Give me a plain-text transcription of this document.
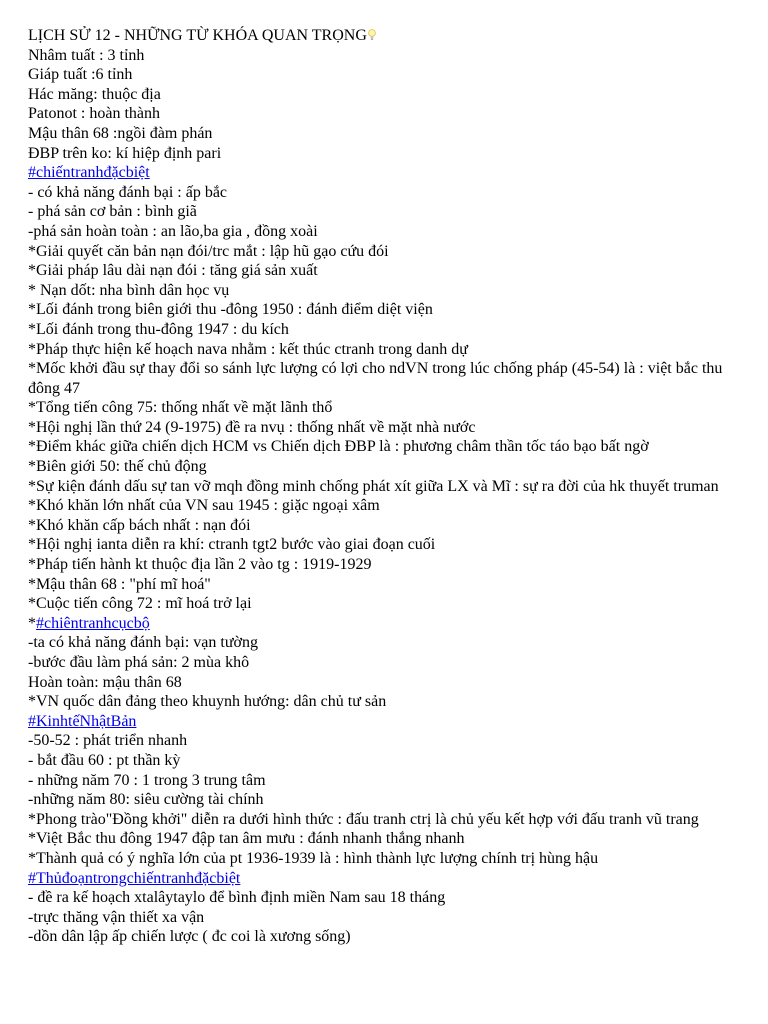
LỊCH SỬ 12 - NHỮNG TỪ KHÓA QUAN TRỌNG
Nhâm tuất : 3 tỉnh
Giáp tuất :6 tỉnh
Hác măng: thuộc địa
Patonot : hoàn thành
Mậu thân 68 :ngồi đàm phán
ĐBP trên ko: kí hiệp định pari
#chiếntranhđặcbiệt
- có khả năng đánh bại : ấp bắc
- phá sản cơ bản : bình giã
-phá sản hoàn toàn : an lão,ba gia , đồng xoài
*Giải quyết căn bản nạn đói/trc mắt : lập hũ gạo cứu đói
*Giải pháp lâu dài nạn đói : tăng giá sản xuất
* Nạn dốt: nha bình dân học vụ
*Lối đánh trong biên giới thu -đông 1950 : đánh điểm diệt viện
*Lối đánh trong thu-đông 1947 : du kích
*Pháp thực hiện kế hoạch nava nhằm : kết thúc ctranh trong danh dự
*Mốc khởi đầu sự thay đổi so sánh lực lượng có lợi cho ndVN trong lúc chống pháp (45-54) là : việt bắc thu đông 47
*Tổng tiến công 75: thống nhất về mặt lãnh thổ
*Hội nghị lần thứ 24 (9-1975) đề ra nvụ : thống nhất về mặt nhà nước
*Điểm khác giữa chiến dịch HCM vs Chiến dịch ĐBP là : phương châm thần tốc táo bạo bất ngờ
*Biên giới 50: thế chủ động
*Sự kiện đánh dấu sự tan vỡ mqh đồng minh chống phát xít giữa LX và Mĩ : sự ra đời của hk thuyết truman
*Khó khăn lớn nhất của VN sau 1945 : giặc ngoại xâm
*Khó khăn cấp bách nhất : nạn đói
*Hội nghị ianta diễn ra khí: ctranh tgt2 bước vào giai đoạn cuối
*Pháp tiến hành kt thuộc địa lần 2 vào tg : 1919-1929
*Mậu thân 68 : "phí mĩ hoá"
*Cuộc tiến công 72 : mĩ hoá trở lại
*#chiêntranhcụcbộ
-ta có khả năng đánh bại: vạn tường
-bước đầu làm phá sản: 2 mùa khô
Hoàn toàn: mậu thân 68
*VN quốc dân đảng theo khuynh hướng: dân chủ tư sản
#KinhtếNhậtBản
-50-52 : phát triển nhanh
- bắt đầu 60 : pt thần kỳ
- những năm 70 : 1 trong 3 trung tâm
-những năm 80: siêu cường tài chính
*Phong trào"Đồng khởi" diễn ra dưới hình thức : đấu tranh ctrị là chủ yếu kết hợp với đấu tranh vũ trang
*Việt Bắc thu đông 1947 đập tan âm mưu : đánh nhanh thắng nhanh
*Thành quả có ý nghĩa lớn của pt 1936-1939 là : hình thành lực lượng chính trị hùng hậu
#Thủđoạntrongchiếntranhđặcbiệt
- đề ra kế hoạch xtalâytaylo để bình định miền Nam sau 18 tháng
-trực thăng vận thiết xa vận
-dồn dân lập ấp chiến lược ( đc coi là xương sống)
